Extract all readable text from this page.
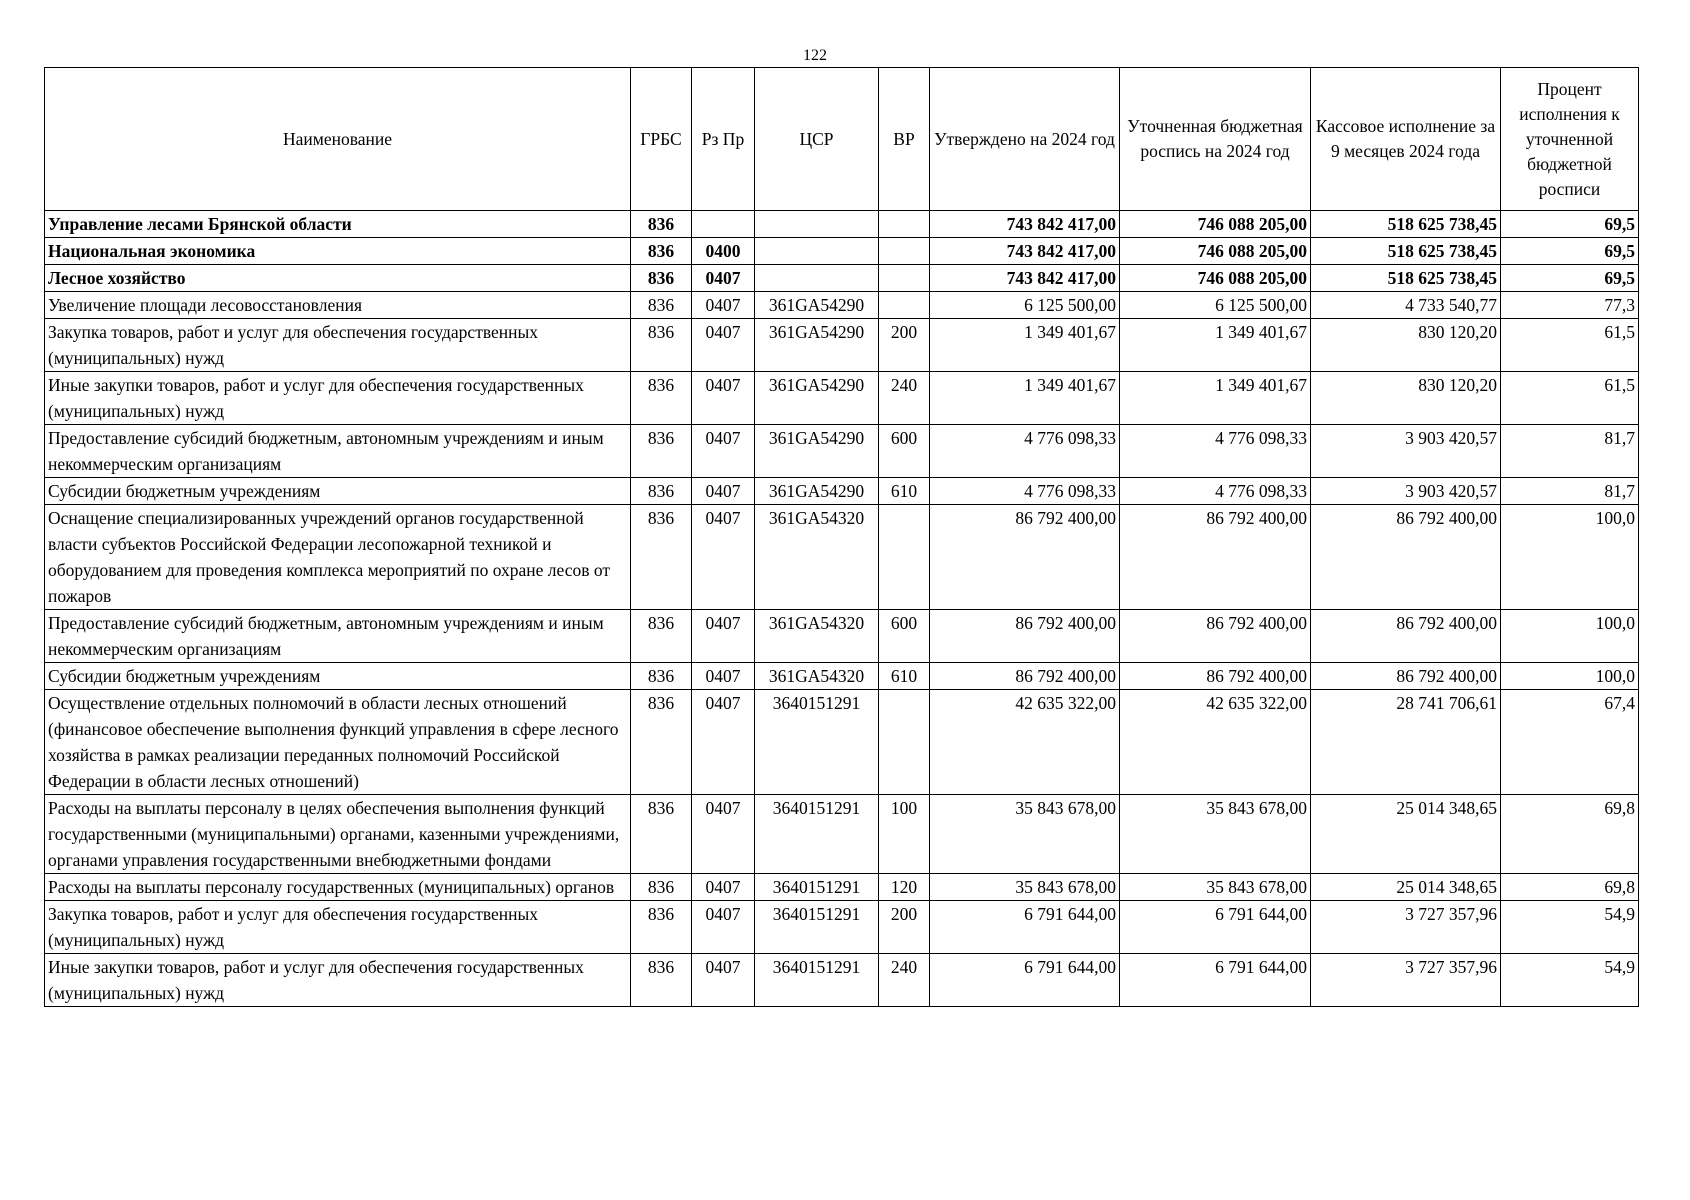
122
Наименование	ГРБС	Рз Пр	ЦСР	ВР	Утверждено на 2024 год	Уточненная бюджетная роспись на 2024 год	Кассовое исполнение за 9 месяцев 2024 года	Процент исполнения к уточненной бюджетной росписи
Управление лесами Брянской области	836				743 842 417,00	746 088 205,00	518 625 738,45	69,5
Национальная экономика	836	0400			743 842 417,00	746 088 205,00	518 625 738,45	69,5
Лесное хозяйство	836	0407			743 842 417,00	746 088 205,00	518 625 738,45	69,5
Увеличение площади лесовосстановления	836	0407	361GA54290		6 125 500,00	6 125 500,00	4 733 540,77	77,3
Закупка товаров, работ и услуг для обеспечения государственных (муниципальных) нужд	836	0407	361GA54290	200	1 349 401,67	1 349 401,67	830 120,20	61,5
Иные закупки товаров, работ и услуг для обеспечения государственных (муниципальных) нужд	836	0407	361GA54290	240	1 349 401,67	1 349 401,67	830 120,20	61,5
Предоставление субсидий бюджетным, автономным учреждениям и иным некоммерческим организациям	836	0407	361GA54290	600	4 776 098,33	4 776 098,33	3 903 420,57	81,7
Субсидии бюджетным учреждениям	836	0407	361GA54290	610	4 776 098,33	4 776 098,33	3 903 420,57	81,7
Оснащение специализированных учреждений органов государственной власти субъектов Российской Федерации лесопожарной техникой и оборудованием для проведения комплекса мероприятий по охране лесов от пожаров	836	0407	361GA54320		86 792 400,00	86 792 400,00	86 792 400,00	100,0
Предоставление субсидий бюджетным, автономным учреждениям и иным некоммерческим организациям	836	0407	361GA54320	600	86 792 400,00	86 792 400,00	86 792 400,00	100,0
Субсидии бюджетным учреждениям	836	0407	361GA54320	610	86 792 400,00	86 792 400,00	86 792 400,00	100,0
Осуществление отдельных полномочий в области лесных отношений (финансовое обеспечение выполнения функций управления в сфере лесного хозяйства в рамках реализации переданных полномочий Российской Федерации в области лесных отношений)	836	0407	3640151291		42 635 322,00	42 635 322,00	28 741 706,61	67,4
Расходы на выплаты персоналу в целях обеспечения выполнения функций государственными (муниципальными) органами, казенными учреждениями, органами управления государственными внебюджетными фондами	836	0407	3640151291	100	35 843 678,00	35 843 678,00	25 014 348,65	69,8
Расходы на выплаты персоналу государственных (муниципальных) органов	836	0407	3640151291	120	35 843 678,00	35 843 678,00	25 014 348,65	69,8
Закупка товаров, работ и услуг для обеспечения государственных (муниципальных) нужд	836	0407	3640151291	200	6 791 644,00	6 791 644,00	3 727 357,96	54,9
Иные закупки товаров, работ и услуг для обеспечения государственных (муниципальных) нужд	836	0407	3640151291	240	6 791 644,00	6 791 644,00	3 727 357,96	54,9
